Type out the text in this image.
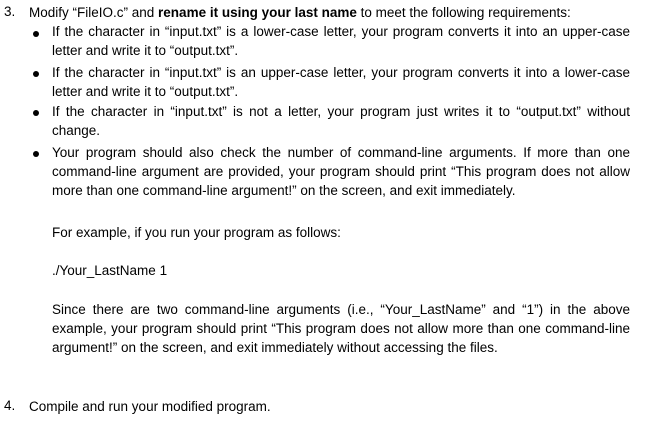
3. Modify “FileIO.c” and rename it using your last name to meet the following requirements:
If the character in “input.txt” is a lower-case letter, your program converts it into an upper-case letter and write it to “output.txt”.
If the character in “input.txt” is an upper-case letter, your program converts it into a lower-case letter and write it to “output.txt”.
If the character in “input.txt” is not a letter, your program just writes it to “output.txt” without change.
Your program should also check the number of command-line arguments. If more than one command-line argument are provided, your program should print “This program does not allow more than one command-line argument!” on the screen, and exit immediately.
For example, if you run your program as follows:
./Your_LastName 1
Since there are two command-line arguments (i.e., “Your_LastName” and “1”) in the above example, your program should print “This program does not allow more than one command-line argument!” on the screen, and exit immediately without accessing the files.
4. Compile and run your modified program.
